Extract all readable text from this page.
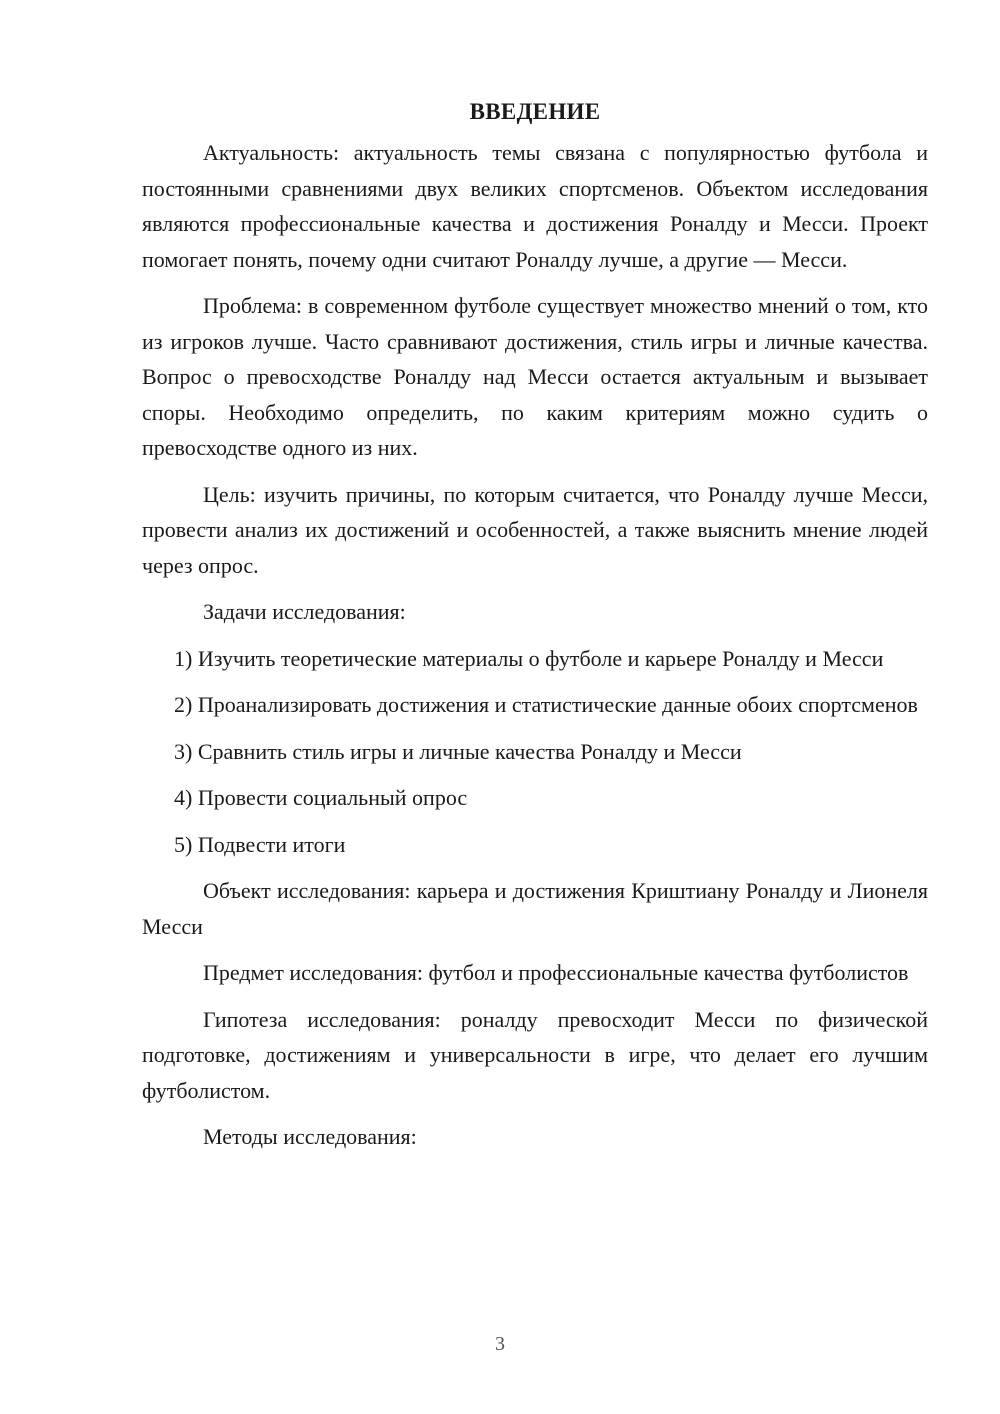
ВВЕДЕНИЕ

Актуальность: актуальность темы связана с популярностью футбола и постоянными сравнениями двух великих спортсменов. Объектом исследования являются профессиональные качества и достижения Роналду и Месси. Проект помогает понять, почему одни считают Роналду лучше, а другие — Месси.

Проблема: в современном футболе существует множество мнений о том, кто из игроков лучше. Часто сравнивают достижения, стиль игры и личные качества. Вопрос о превосходстве Роналду над Месси остается актуальным и вызывает споры. Необходимо определить, по каким критериям можно судить о превосходстве одного из них.

Цель: изучить причины, по которым считается, что Роналду лучше Месси, провести анализ их достижений и особенностей, а также выяснить мнение людей через опрос.

Задачи исследования:

1) Изучить теоретические материалы о футболе и карьере Роналду и Месси

2) Проанализировать достижения и статистические данные обоих спортсменов

3) Сравнить стиль игры и личные качества Роналду и Месси

4) Провести социальный опрос

5) Подвести итоги

Объект исследования: карьера и достижения Криштиану Роналду и Лионеля Месси

Предмет исследования: футбол и профессиональные качества футболистов

Гипотеза исследования: роналду превосходит Месси по физической подготовке, достижениям и универсальности в игре, что делает его лучшим футболистом.

Методы исследования:

3
